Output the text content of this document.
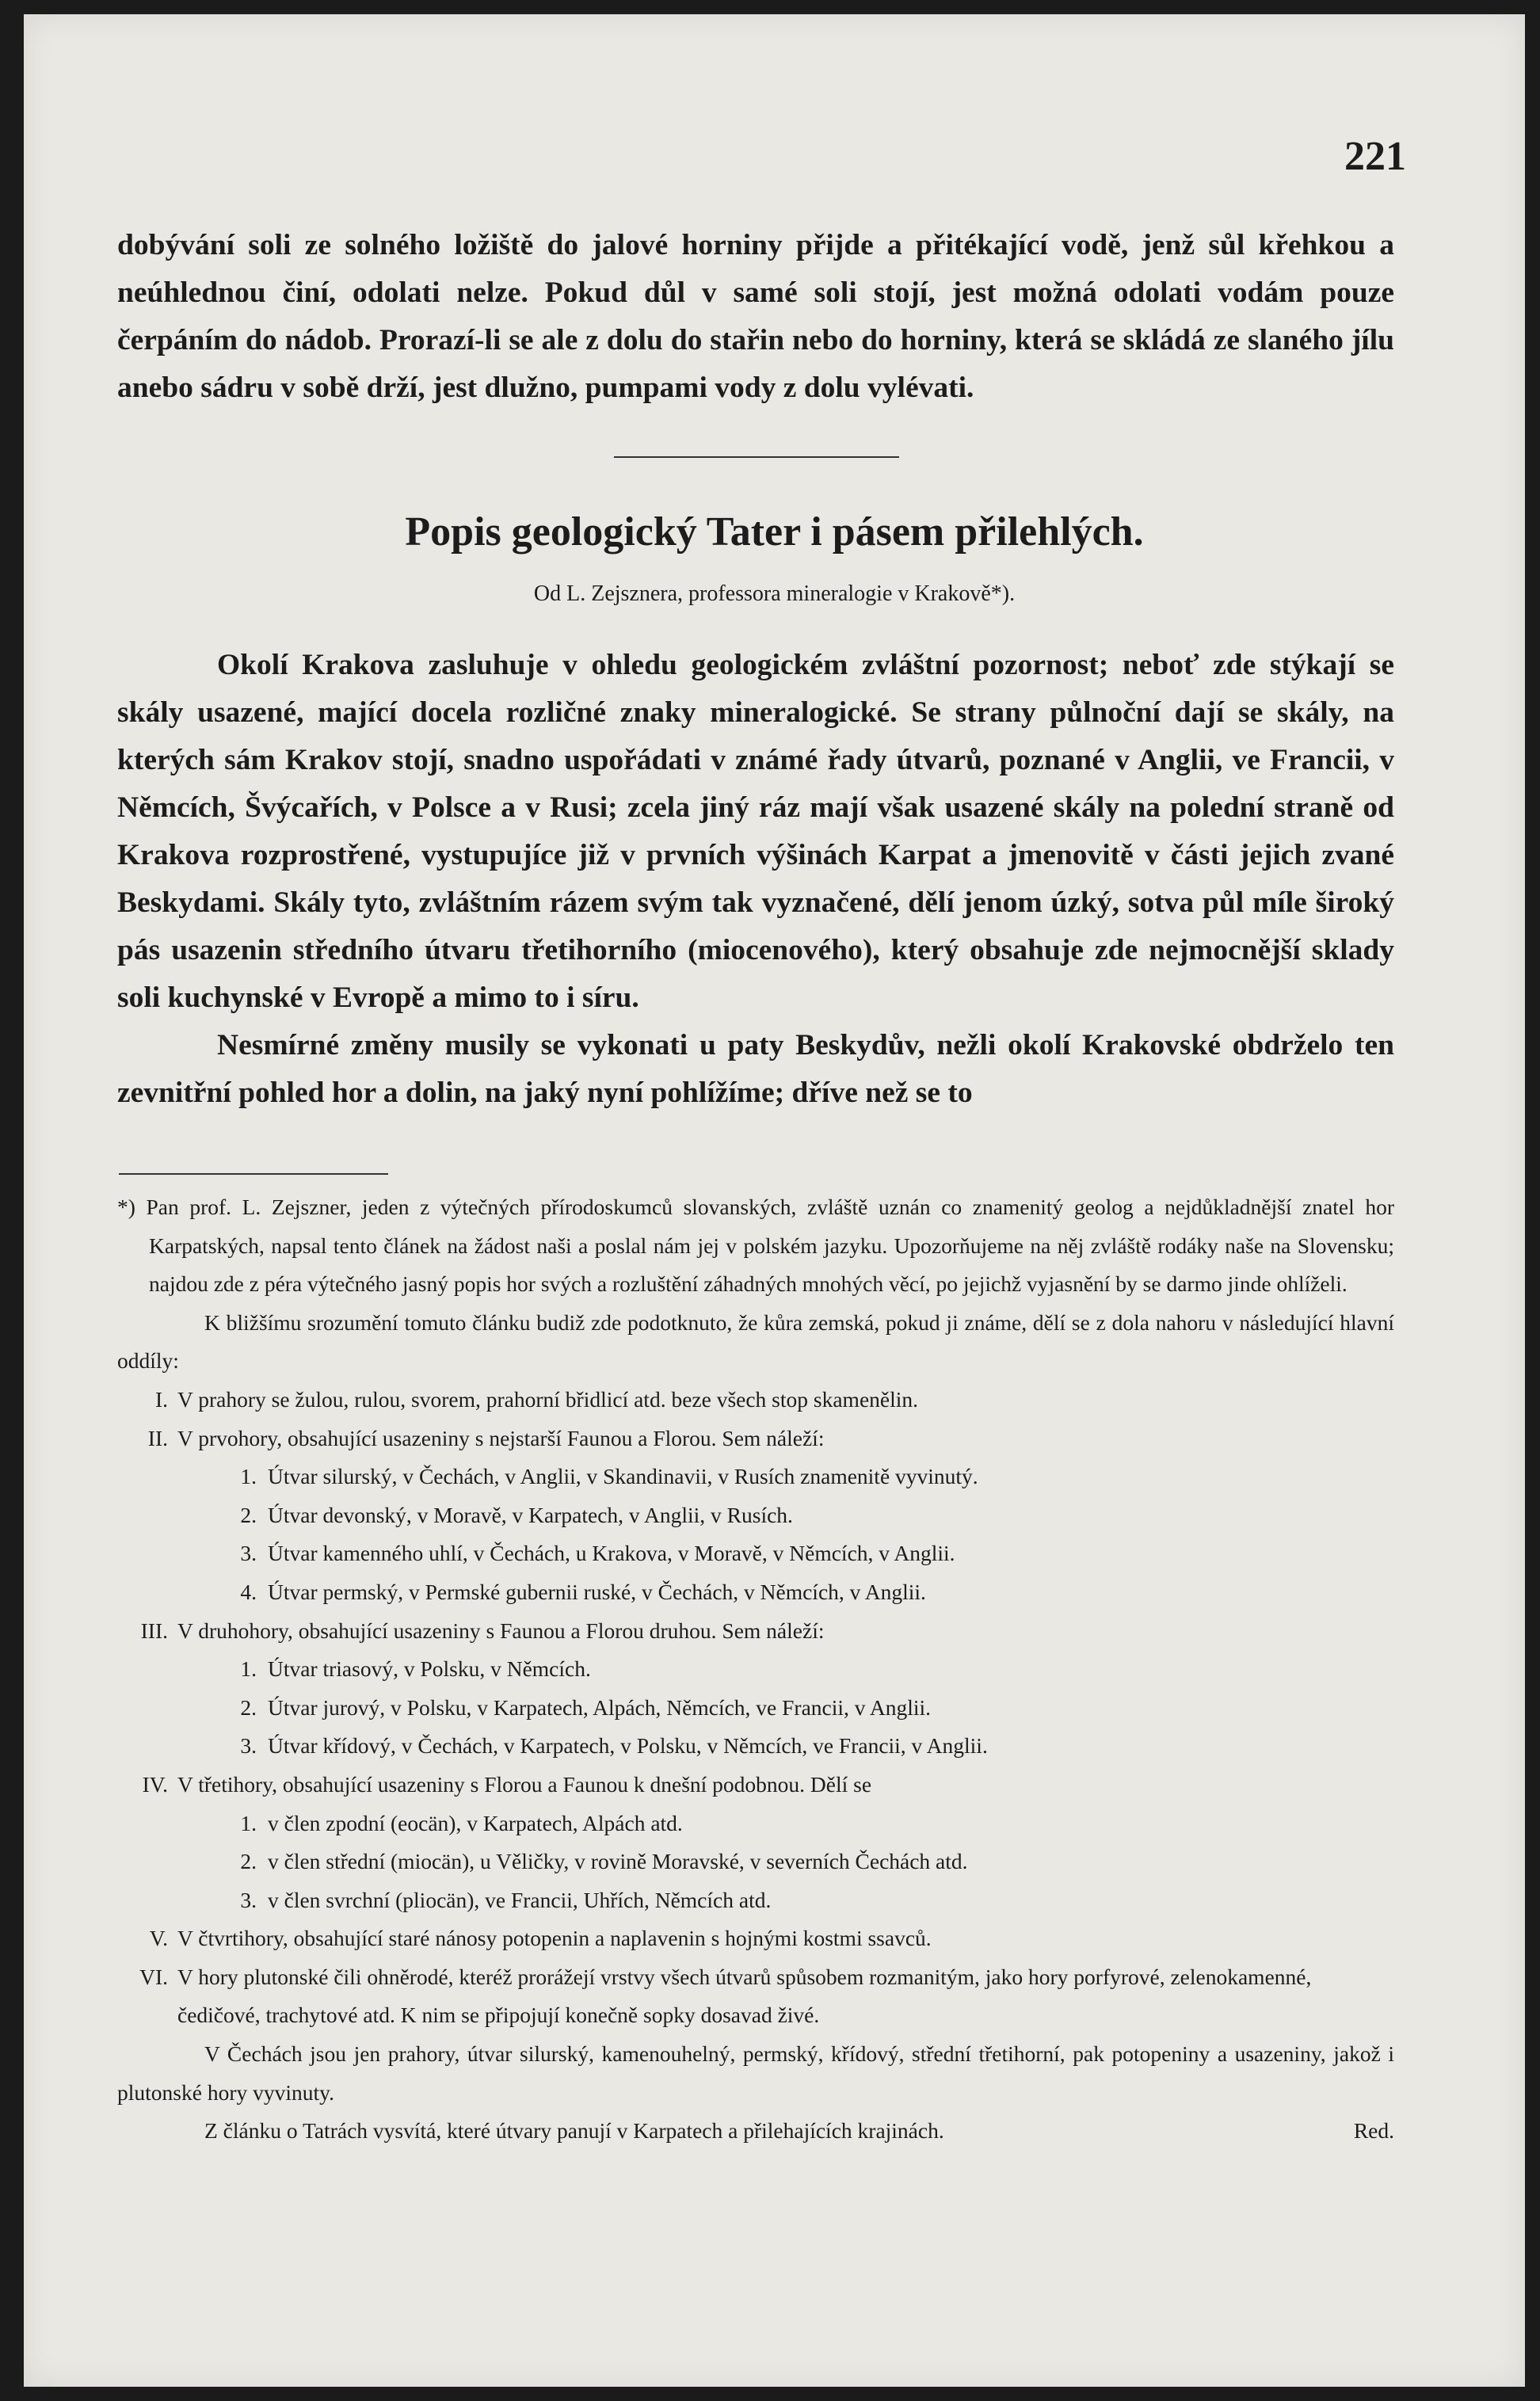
221

dobývání soli ze solného ložiště do jalové horniny přijde a přitékající vodě, jenž sůl křehkou a neúhlednou činí, odolati nelze. Pokud důl v samé soli stojí, jest možná odolati vodám pouze čerpáním do nádob. Prorazí-li se ale z dolu do stařin nebo do horniny, která se skládá ze slaného jílu anebo sádru v sobě drží, jest dlužno, pumpami vody z dolu vylévati.

Popis geologický Tater i pásem přilehlých.
Od L. Zejsznera, professora mineralogie v Krakově*).

Okolí Krakova zasluhuje v ohledu geologickém zvláštní pozornost; neboť zde stýkají se skály usazené, mající docela rozličné znaky mineralogické. Se strany půlnoční dají se skály, na kterých sám Krakov stojí, snadno uspořádati v známé řady útvarů, poznané v Anglii, ve Francii, v Němcích, Švýcařích, v Polsce a v Rusi; zcela jiný ráz mají však usazené skály na polední straně od Krakova rozprostřené, vystupujíce již v prvních výšinách Karpat a jmenovitě v části jejich zvané Beskydami. Skály tyto, zvláštním rázem svým tak vyznačené, dělí jenom úzký, sotva půl míle široký pás usazenin středního útvaru třetihorního (miocenového), který obsahuje zde nejmocnější sklady soli kuchynské v Evropě a mimo to i síru.

Nesmírné změny musily se vykonati u paty Beskydův, nežli okolí Krakovské obdrželo ten zevnitřní pohled hor a dolin, na jaký nyní pohlížíme; dříve než se to

*) Pan prof. L. Zejszner, jeden z výtečných přírodoskumců slovanských, zvláště uznán co znamenitý geolog a nejdůkladnější znatel hor Karpatských, napsal tento článek na žádost naši a poslal nám jej v polském jazyku. Upozorňujeme na něj zvláště rodáky naše na Slovensku; najdou zde z péra výtečného jasný popis hor svých a rozluštění záhadných mnohých věcí, po jejichž vyjasnění by se darmo jinde ohlíželi.

K bližšímu srozumění tomuto článku budiž zde podotknuto, že kůra zemská, pokud ji známe, dělí se z dola nahoru v následující hlavní oddíly:

I. V prahory se žulou, rulou, svorem, prahorní břidlicí atd. beze všech stop skamenělin.
II. V prvohory, obsahující usazeniny s nejstarší Faunou a Florou. Sem náleží:
1. Útvar silurský, v Čechách, v Anglii, v Skandinavii, v Rusích znamenitě vyvinutý.
2. Útvar devonský, v Moravě, v Karpatech, v Anglii, v Rusích.
3. Útvar kamenného uhlí, v Čechách, u Krakova, v Moravě, v Němcích, v Anglii.
4. Útvar permský, v Permské gubernii ruské, v Čechách, v Němcích, v Anglii.
III. V druhohory, obsahující usazeniny s Faunou a Florou druhou. Sem náleží:
1. Útvar triasový, v Polsku, v Němcích.
2. Útvar jurový, v Polsku, v Karpatech, Alpách, Němcích, ve Francii, v Anglii.
3. Útvar křídový, v Čechách, v Karpatech, v Polsku, v Němcích, ve Francii, v Anglii.
IV. V třetihory, obsahující usazeniny s Florou a Faunou k dnešní podobnou. Dělí se
1. v člen zpodní (eocän), v Karpatech, Alpách atd.
2. v člen střední (miocän), u Věličky, v rovině Moravské, v severních Čechách atd.
3. v člen svrchní (pliocän), ve Francii, Uhřích, Němcích atd.
V. V čtvrtihory, obsahující staré nánosy potopenin a naplavenin s hojnými kostmi ssavců.
VI. V hory plutonské čili ohněrodé, kteréž prorážejí vrstvy všech útvarů spůsobem rozmanitým, jako hory porfyrové, zelenokamenné, čedičové, trachytové atd. K nim se připojují konečně sopky dosavad živé.

V Čechách jsou jen prahory, útvar silurský, kamenouhelný, permský, křídový, střední třetihorní, pak potopeniny a usazeniny, jakož i plutonské hory vyvinuty.

Z článku o Tatrách vysvítá, které útvary panují v Karpatech a přilehajících krajinách.	Red.
